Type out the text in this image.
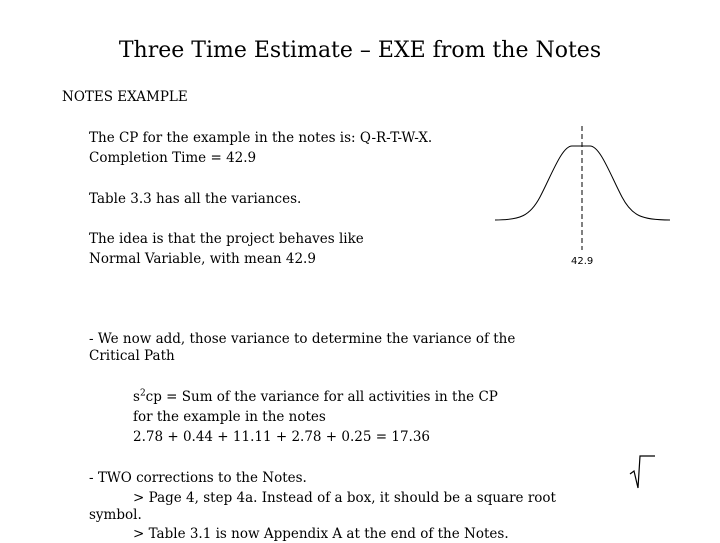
Three Time Estimate – EXE from the Notes
NOTES EXAMPLE
The CP for the example in the notes is: Q-R-T-W-X.
Completion Time = 42.9
Table 3.3 has all the variances.
The idea is that the project behaves like
Normal Variable, with mean 42.9	42.9
- We now add, those variance to determine the variance of the
Critical Path
$s^2cp$ = Sum of the variance for all activities in the CP
for the example in the notes
2.78 + 0.44 + 11.11 + 2.78 + 0.25 = 17.36
- TWO corrections to the Notes.
> Page 4, step 4a. Instead of a box, it should be a square root
symbol.
> Table 3.1 is now Appendix A at the end of the Notes.
